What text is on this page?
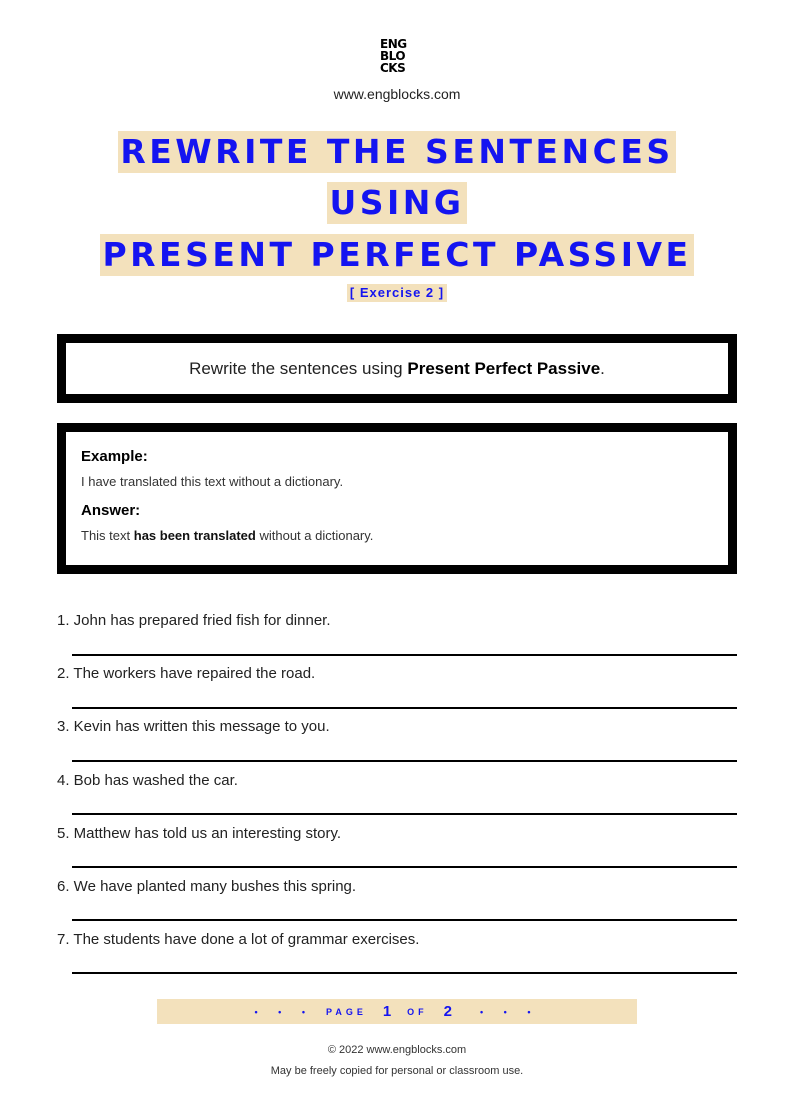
ENG
BLO
CKS
www.engblocks.com
REWRITE THE SENTENCES
USING
PRESENT PERFECT PASSIVE
[ Exercise 2 ]
Rewrite the sentences using Present Perfect Passive.

Example:

I have translated this text without a dictionary.

Answer:

This text has been translated without a dictionary.

1. John has prepared fried fish for dinner.
2. The workers have repaired the road.
3. Kevin has written this message to you.
4. Bob has washed the car.
5. Matthew has told us an interesting story.
6. We have planted many bushes this spring.
7. The students have done a lot of grammar exercises.
• • • PAGE 1 OF 2	• • •
© 2022 www.engblocks.com
May be freely copied for personal or classroom use.
